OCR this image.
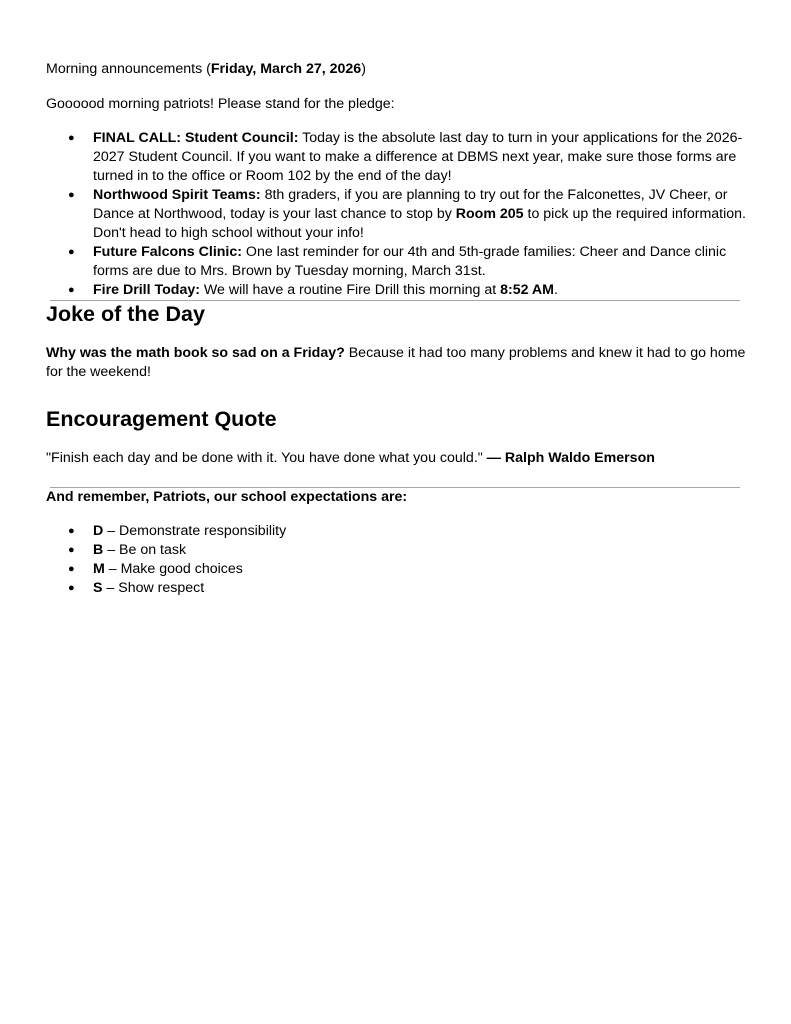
Morning announcements (Friday, March 27, 2026)

Goooood morning patriots! Please stand for the pledge:

● FINAL CALL: Student Council: Today is the absolute last day to turn in your applications for the 2026-2027 Student Council. If you want to make a difference at DBMS next year, make sure those forms are turned in to the office or Room 102 by the end of the day!
● Northwood Spirit Teams: 8th graders, if you are planning to try out for the Falconettes, JV Cheer, or Dance at Northwood, today is your last chance to stop by Room 205 to pick up the required information. Don't head to high school without your info!
● Future Falcons Clinic: One last reminder for our 4th and 5th-grade families: Cheer and Dance clinic forms are due to Mrs. Brown by Tuesday morning, March 31st.
● Fire Drill Today: We will have a routine Fire Drill this morning at 8:52 AM.
Joke of the Day

Why was the math book so sad on a Friday? Because it had too many problems and knew it had to go home for the weekend!

Encouragement Quote

"Finish each day and be done with it. You have done what you could." — Ralph Waldo Emerson

And remember, Patriots, our school expectations are:

● D – Demonstrate responsibility
● B – Be on task
● M – Make good choices
● S – Show respect
